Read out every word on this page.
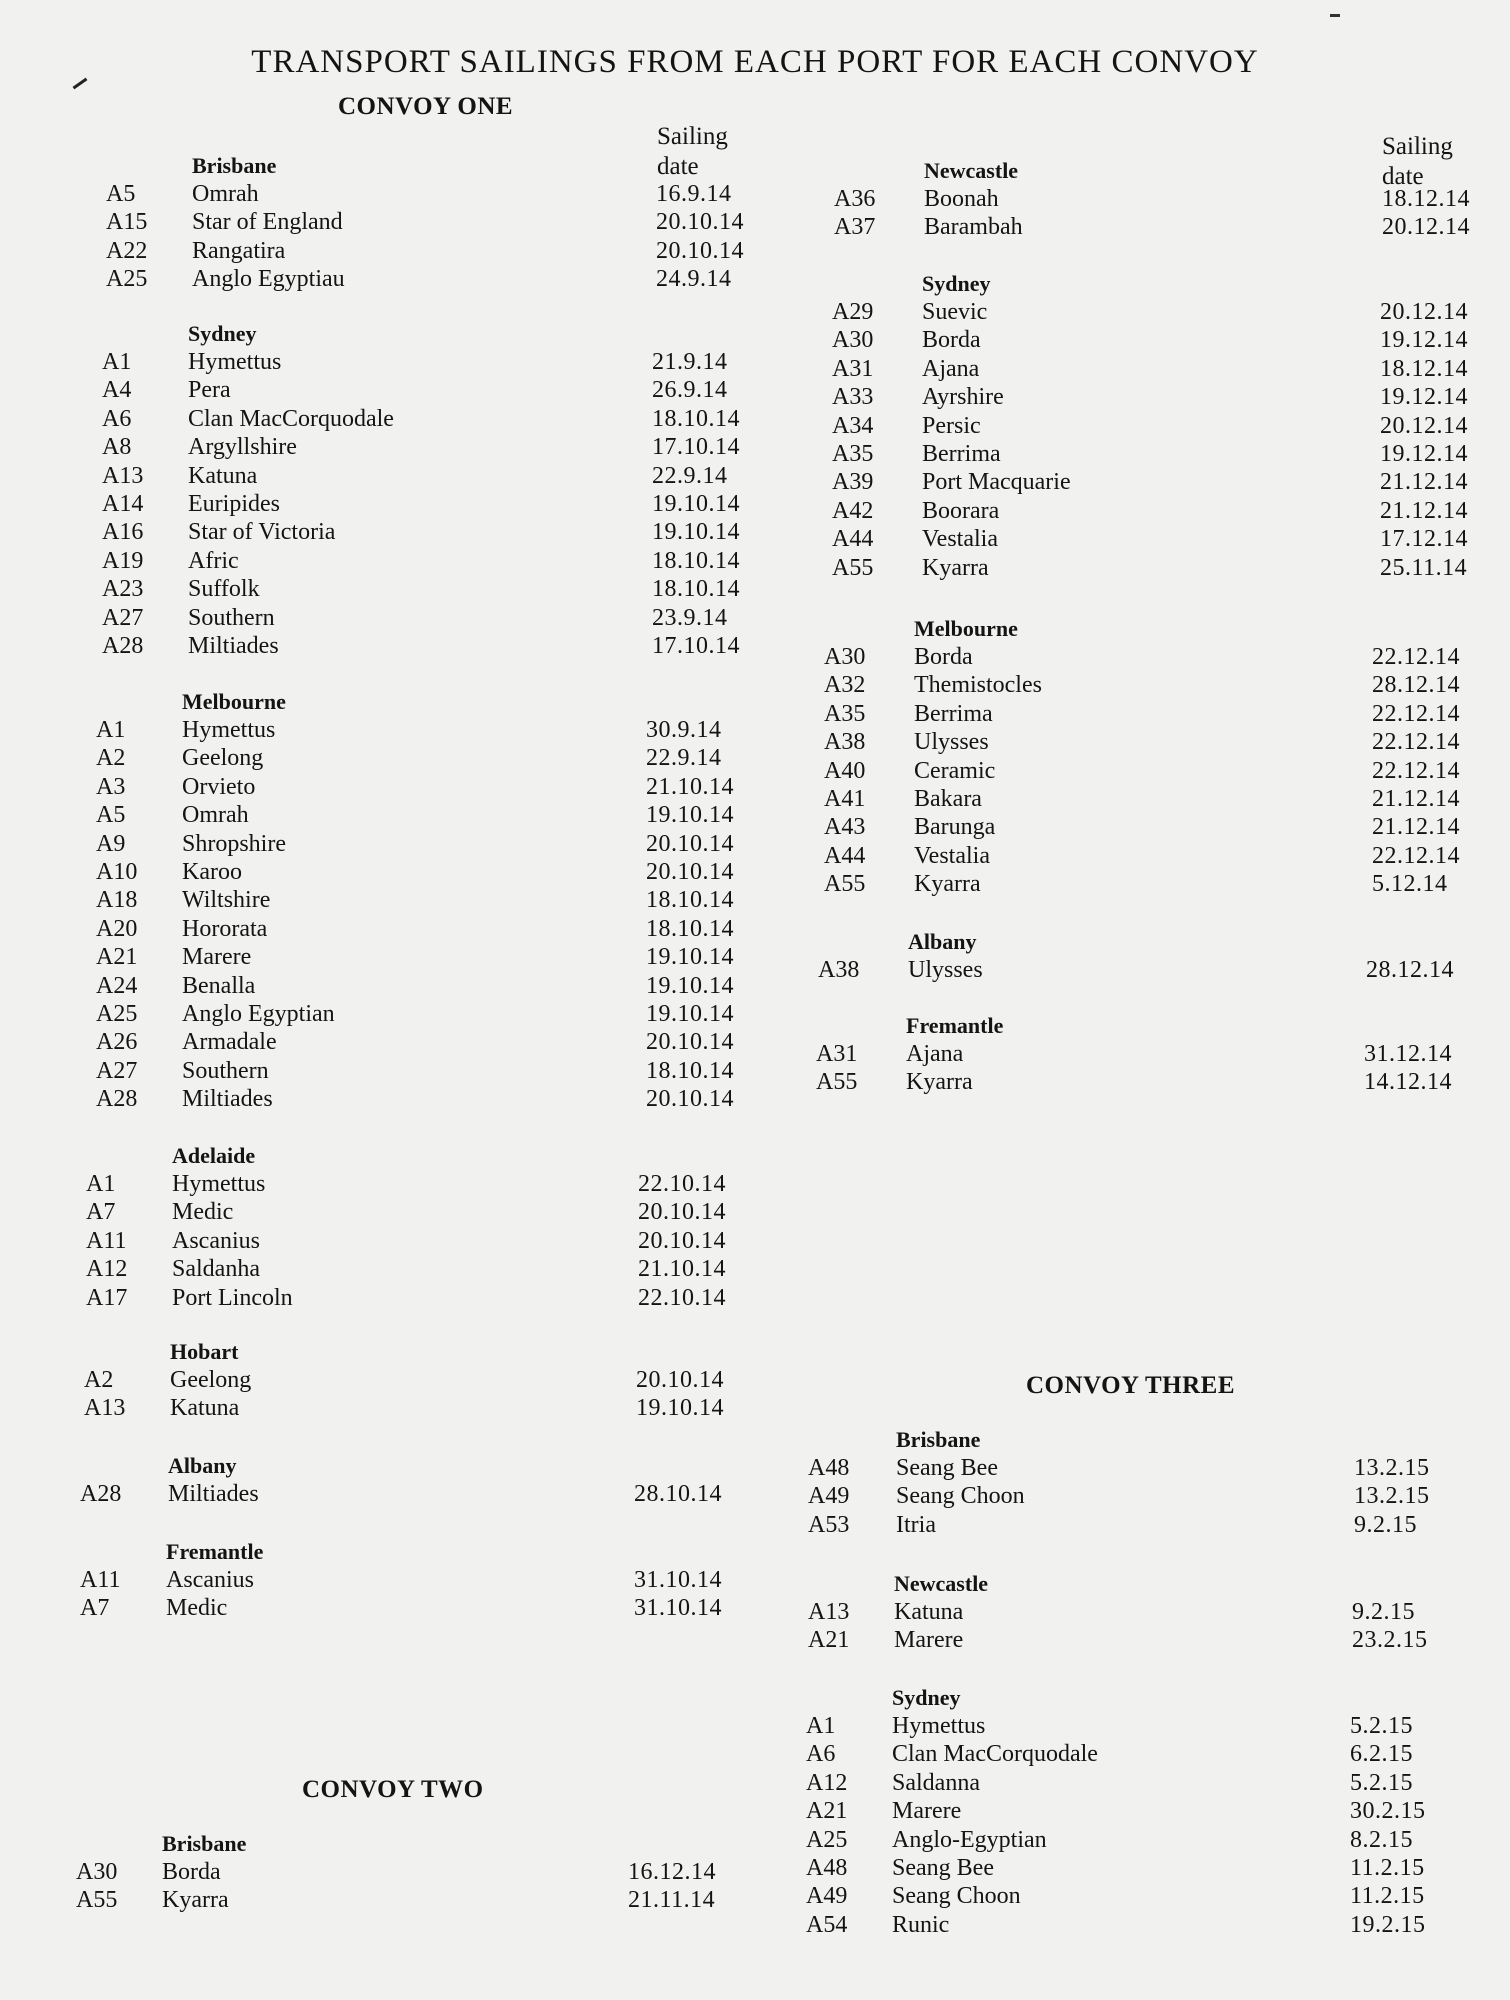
TRANSPORT SAILINGS FROM EACH PORT FOR EACH CONVOY
CONVOY ONE
CONVOY TWO
CONVOY THREE
Sailing
date
Sailing
date
Brisbane
A5 Omrah	16.9.14
A15 Star of England	20.10.14
A22 Rangatira	20.10.14
A25 Anglo Egyptiau	24.9.14
Sydney
A1 Hymettus	21.9.14
A4 Pera	26.9.14
A6 Clan MacCorquodale	18.10.14
A8 Argyllshire	17.10.14
A13 Katuna	22.9.14
A14 Euripides	19.10.14
A16 Star of Victoria	19.10.14
A19 Afric	18.10.14
A23 Suffolk	18.10.14
A27 Southern	23.9.14
A28 Miltiades	17.10.14
Melbourne
A1 Hymettus	30.9.14
A2 Geelong	22.9.14
A3 Orvieto	21.10.14
A5 Omrah	19.10.14
A9 Shropshire	20.10.14
A10 Karoo	20.10.14
A18 Wiltshire	18.10.14
A20 Hororata	18.10.14
A21 Marere	19.10.14
A24 Benalla	19.10.14
A25 Anglo Egyptian	19.10.14
A26 Armadale	20.10.14
A27 Southern	18.10.14
A28 Miltiades	20.10.14
Adelaide
A1 Hymettus	22.10.14
A7 Medic	20.10.14
A11 Ascanius	20.10.14
A12 Saldanha	21.10.14
A17 Port Lincoln	22.10.14
Hobart
A2 Geelong	20.10.14
A13 Katuna	19.10.14
Albany
A28 Miltiades	28.10.14
Fremantle
A11 Ascanius	31.10.14
A7 Medic	31.10.14
Brisbane
A30 Borda	16.12.14
A55 Kyarra	21.11.14
Newcastle
A36 Boonah	18.12.14
A37 Barambah	20.12.14
Sydney
A29 Suevic	20.12.14
A30 Borda	19.12.14
A31 Ajana	18.12.14
A33 Ayrshire	19.12.14
A34 Persic	20.12.14
A35 Berrima	19.12.14
A39 Port Macquarie	21.12.14
A42 Boorara	21.12.14
A44 Vestalia	17.12.14
A55 Kyarra	25.11.14
Melbourne
A30 Borda	22.12.14
A32 Themistocles	28.12.14
A35 Berrima	22.12.14
A38 Ulysses	22.12.14
A40 Ceramic	22.12.14
A41 Bakara	21.12.14
A43 Barunga	21.12.14
A44 Vestalia	22.12.14
A55 Kyarra	5.12.14
Albany
A38 Ulysses	28.12.14
Fremantle
A31 Ajana	31.12.14
A55 Kyarra	14.12.14
Brisbane
A48 Seang Bee	13.2.15
A49 Seang Choon	13.2.15
A53 Itria	9.2.15
Newcastle
A13 Katuna	9.2.15
A21 Marere	23.2.15
Sydney
A1 Hymettus	5.2.15
A6 Clan MacCorquodale	6.2.15
A12 Saldanna	5.2.15
A21 Marere	30.2.15
A25 Anglo-Egyptian	8.2.15
A48 Seang Bee	11.2.15
A49 Seang Choon	11.2.15
A54 Runic	19.2.15
